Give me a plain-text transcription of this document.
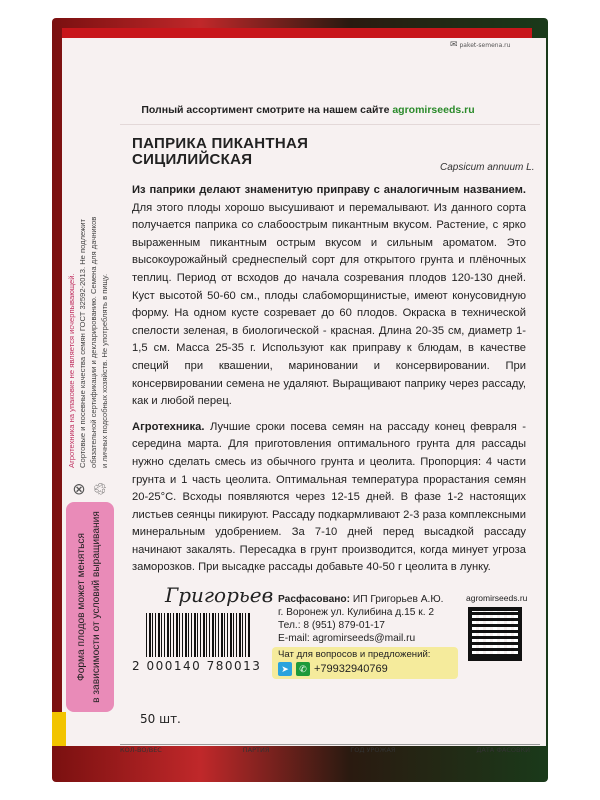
✉ paket-semena.ru
Полный ассортимент смотрите на нашем сайте agromirseeds.ru
ПАПРИКА ПИКАНТНАЯ
СИЦИЛИЙСКАЯ	Capsicum annuum L.
Из паприки делают знаменитую приправу с аналогичным названием. Для этого плоды хорошо высушивают и перемалывают. Из данного сорта получается паприка со слабоострым пикантным вкусом. Растение, с ярко выраженным пикантным острым вкусом и сильным ароматом. Это высокоурожайный среднеспелый сорт для открытого грунта и плёночных теплиц. Период от всходов до начала созревания плодов 120-130 дней. Куст высотой 50-60 см., плоды слабоморщинистые, имеют конусовидную форму. На одном кусте созревает до 60 плодов. Окраска в технической спелости зеленая, в биологической - красная. Длина 20-35 см, диаметр 1-1,5 см. Масса 25-35 г. Используют как приправу к блюдам, в качестве специй при квашении, мариновании и консервировании. При консервировании семена не удаляют. Выращивают паприку через рассаду, как и любой перец.
Агротехника. Лучшие сроки посева семян на рассаду конец февраля - середина марта. Для приготовления оптимального грунта для рассады нужно сделать смесь из обычного грунта и цеолита. Пропорция: 4 части грунта и 1 часть цеолита. Оптимальная температура прорастания семян 20-25°С. Всходы появляются через 12-15 дней. В фазе 1-2 настоящих листьев сеянцы пикируют. Рассаду подкармливают 2-3 раза комплексными минеральным удобрением. За 7-10 дней перед высадкой рассаду начинают закалять. Пересадка в грунт производится, когда минует угроза заморозков. При высадке рассады добавьте 40-50 г цеолита в лунку.
Григорьев
2 000140 780013
Расфасовано: ИП Григорьев А.Ю.
г. Воронеж ул. Кулибина д.15 к. 2
Тел.: 8 (951) 879-01-17
E-mail: agromirseeds@mail.ru
Чат для вопросов и предложений:
➤	✆ +79932940769
agromirseeds.ru
Форма плодов может меняться в зависимости от условий выращивания
⊗ ♲
Агротехника на упаковке не является исчерпывающей. Сортовые и посевные качества семян ГОСТ 32592-2013. Не подлежит обязательной сертификации и декларированию. Семена для дачников и личных подсобных хозяйств. Не употреблять в пищу.
50 шт.
КОЛ-ВО/ВЕС	ПАРТИЯ	ГОД УРОЖАЯ	ДАТА ФАСОВКИ
